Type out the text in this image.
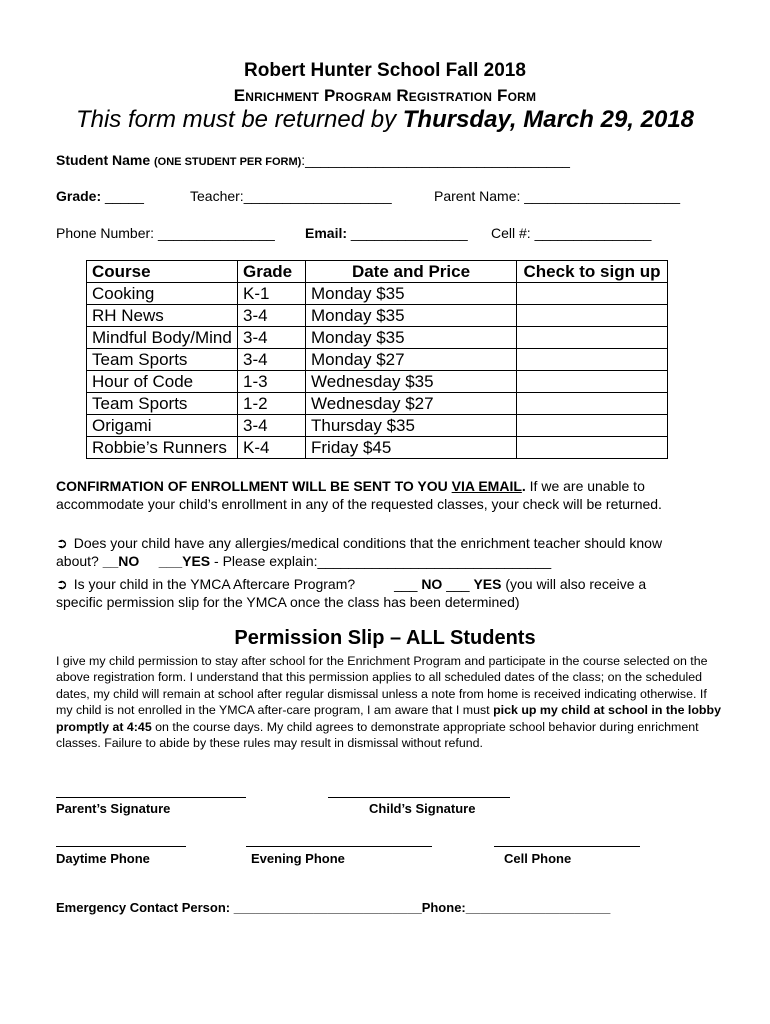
Robert Hunter School Fall 2018
Enrichment Program Registration Form
This form must be returned by Thursday, March 29, 2018
Student Name (ONE STUDENT PER FORM):__________________________________
Grade: _____	Teacher:___________________	Parent Name: ____________________
Phone Number: _______________ Email: _______________ Cell #: _______________
Course	Grade	Date and Price	Check to sign up
Cooking	K-1	Monday $35	
RH News	3-4	Monday $35	
Mindful Body/Mind	3-4	Monday $35	
Team Sports	3-4	Monday $27	
Hour of Code	1-3	Wednesday $35	
Team Sports	1-2	Wednesday $27	
Origami	3-4	Thursday $35	
Robbie’s Runners	K-4	Friday $45	
CONFIRMATION OF ENROLLMENT WILL BE SENT TO YOU VIA EMAIL. If we are unable to
accommodate your child’s enrollment in any of the requested classes, your check will be returned.
➲ Does your child have any allergies/medical conditions that the enrichment teacher should know
about? __NO ___YES - Please explain:______________________________
➲ Is your child in the YMCA Aftercare Program?	___ NO ___ YES (you will also receive a
specific permission slip for the YMCA once the class has been determined)
Permission Slip – ALL Students
I give my child permission to stay after school for the Enrichment Program and participate in the course selected on the above registration form. I understand that this permission applies to all scheduled dates of the class; on the scheduled dates, my child will remain at school after regular dismissal unless a note from home is received indicating otherwise. If my child is not enrolled in the YMCA after-care program, I am aware that I must pick up my child at school in the lobby promptly at 4:45 on the course days. My child agrees to demonstrate appropriate school behavior during enrichment classes. Failure to abide by these rules may result in dismissal without refund.
Parent’s Signature	Child’s Signature
Daytime Phone	Evening Phone	Cell Phone
Emergency Contact Person: __________________________Phone:____________________
